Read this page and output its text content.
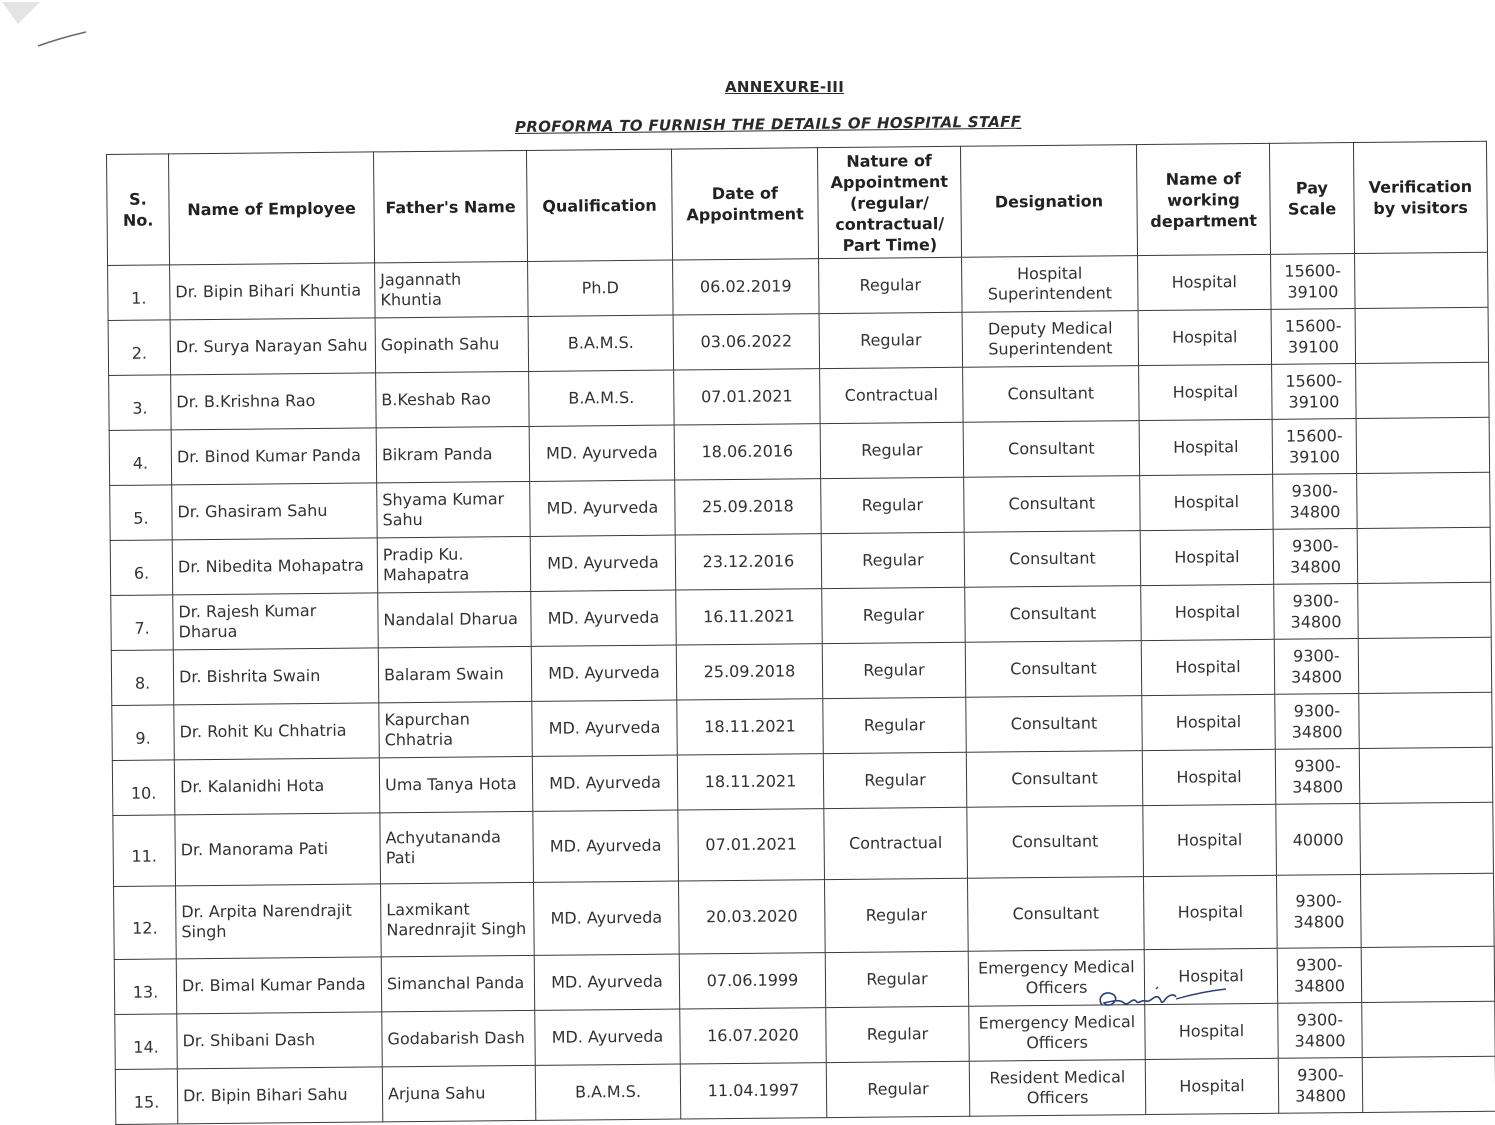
ANNEXURE-III
PROFORMA TO FURNISH THE DETAILS OF HOSPITAL STAFF
S. No.	Name of Employee	Father's Name	Qualification	Date of Appointment	Nature of Appointment (regular/ contractual/ Part Time)	Designation	Name of working department	Pay Scale	Verification by visitors
1.	Dr. Bipin Bihari Khuntia	Jagannath Khuntia	Ph.D	06.02.2019	Regular	Hospital Superintendent	Hospital	15600-39100	
2.	Dr. Surya Narayan Sahu	Gopinath Sahu	B.A.M.S.	03.06.2022	Regular	Deputy Medical Superintendent	Hospital	15600-39100	
3.	Dr. B.Krishna Rao	B.Keshab Rao	B.A.M.S.	07.01.2021	Contractual	Consultant	Hospital	15600-39100	
4.	Dr. Binod Kumar Panda	Bikram Panda	MD. Ayurveda	18.06.2016	Regular	Consultant	Hospital	15600-39100	
5.	Dr. Ghasiram Sahu	Shyama Kumar Sahu	MD. Ayurveda	25.09.2018	Regular	Consultant	Hospital	9300-34800	
6.	Dr. Nibedita Mohapatra	Pradip Ku. Mahapatra	MD. Ayurveda	23.12.2016	Regular	Consultant	Hospital	9300-34800	
7.	Dr. Rajesh Kumar Dharua	Nandalal Dharua	MD. Ayurveda	16.11.2021	Regular	Consultant	Hospital	9300-34800	
8.	Dr. Bishrita Swain	Balaram Swain	MD. Ayurveda	25.09.2018	Regular	Consultant	Hospital	9300-34800	
9.	Dr. Rohit Ku Chhatria	Kapurchan Chhatria	MD. Ayurveda	18.11.2021	Regular	Consultant	Hospital	9300-34800	
10.	Dr. Kalanidhi Hota	Uma Tanya Hota	MD. Ayurveda	18.11.2021	Regular	Consultant	Hospital	9300-34800	
11.	Dr. Manorama Pati	Achyutananda Pati	MD. Ayurveda	07.01.2021	Contractual	Consultant	Hospital	40000	
12.	Dr. Arpita Narendrajit Singh	Laxmikant Narednrajit Singh	MD. Ayurveda	20.03.2020	Regular	Consultant	Hospital	9300-34800	
13.	Dr. Bimal Kumar Panda	Simanchal Panda	MD. Ayurveda	07.06.1999	Regular	Emergency Medical Officers	Hospital	9300-34800	
14.	Dr. Shibani Dash	Godabarish Dash	MD. Ayurveda	16.07.2020	Regular	Emergency Medical Officers	Hospital	9300-34800	
15.	Dr. Bipin Bihari Sahu	Arjuna Sahu	B.A.M.S.	11.04.1997	Regular	Resident Medical Officers	Hospital	9300-34800	
